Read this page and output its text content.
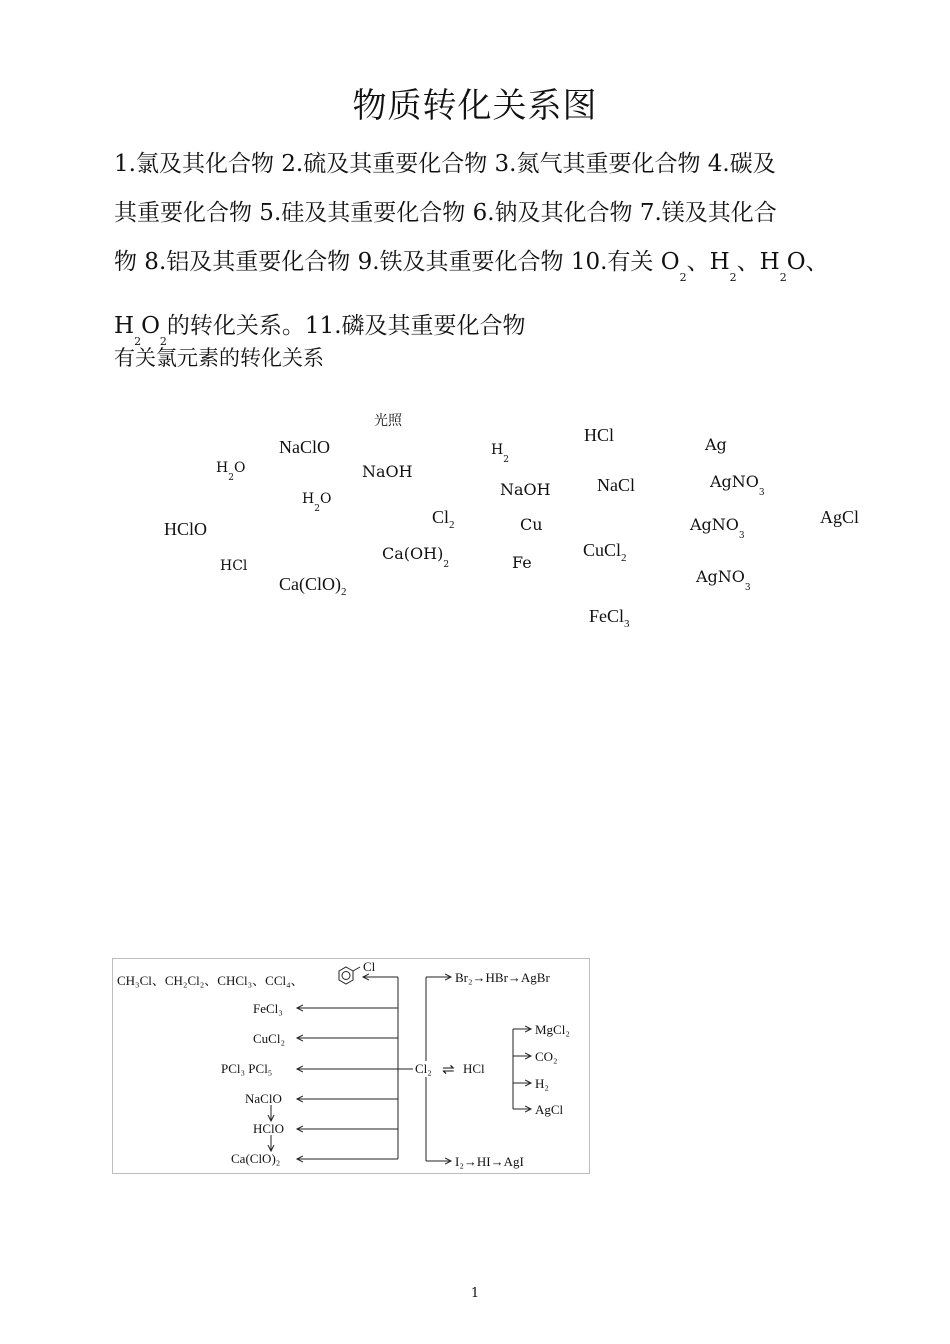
物质转化关系图
1.氯及其化合物 2.硫及其重要化合物 3.氮气其重要化合物 4.碳及
其重要化合物 5.硅及其重要化合物 6.钠及其化合物 7.镁及其化合
物 8.铝及其重要化合物 9.铁及其重要化合物 10.有关 $O_2$、$H_2$、$H_2O$、
$H_2O_2$的转化关系。11.磷及其重要化合物
有关氯元素的转化关系
光照
NaClO
NaOH
$H_2$
HCl	Ag
$H_2O$
NaOH	NaCl	AgNO$_3$
$H_2O$
$Cl_2$	Cu	AgNO$_3$
AgCl
HClO
$Ca(OH)_2$
CuCl$_2$
HCl	Fe
AgNO$_3$
$Ca(ClO)_2$
FeCl$_3$
CH₃Cl、CH₂Cl₂、CHCl₃、CCl₄、
Cl
FeCl₃
CuCl₂
PCl₃ PCl₅
NaClO
HClO
Ca(ClO)₂
Cl₂ ⇌ HCl
Br₂→HBr→AgBr
MgCl₂
CO₂
H₂
AgCl
I₂→HI→AgI
1
